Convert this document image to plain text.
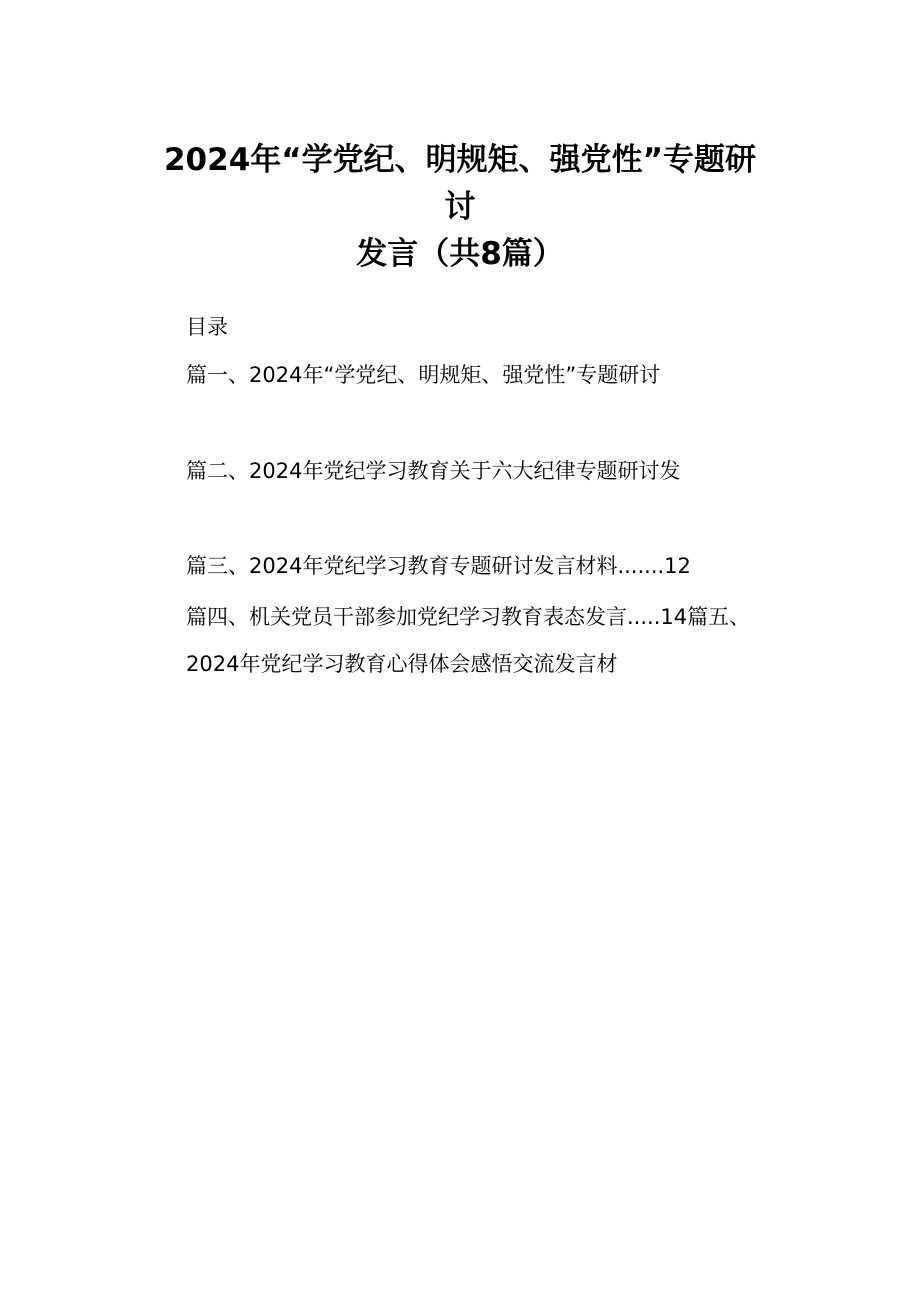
2024年“学党纪、明规矩、强党性”专题研
讨
发言（共8篇）
目录
篇一、2024年“学党纪、明规矩、强党性”专题研讨
篇二、2024年党纪学习教育关于六大纪律专题研讨发
篇三、2024年党纪学习教育专题研讨发言材料.......12
篇四、机关党员干部参加党纪学习教育表态发言.....14篇五、
2024年党纪学习教育心得体会感悟交流发言材
